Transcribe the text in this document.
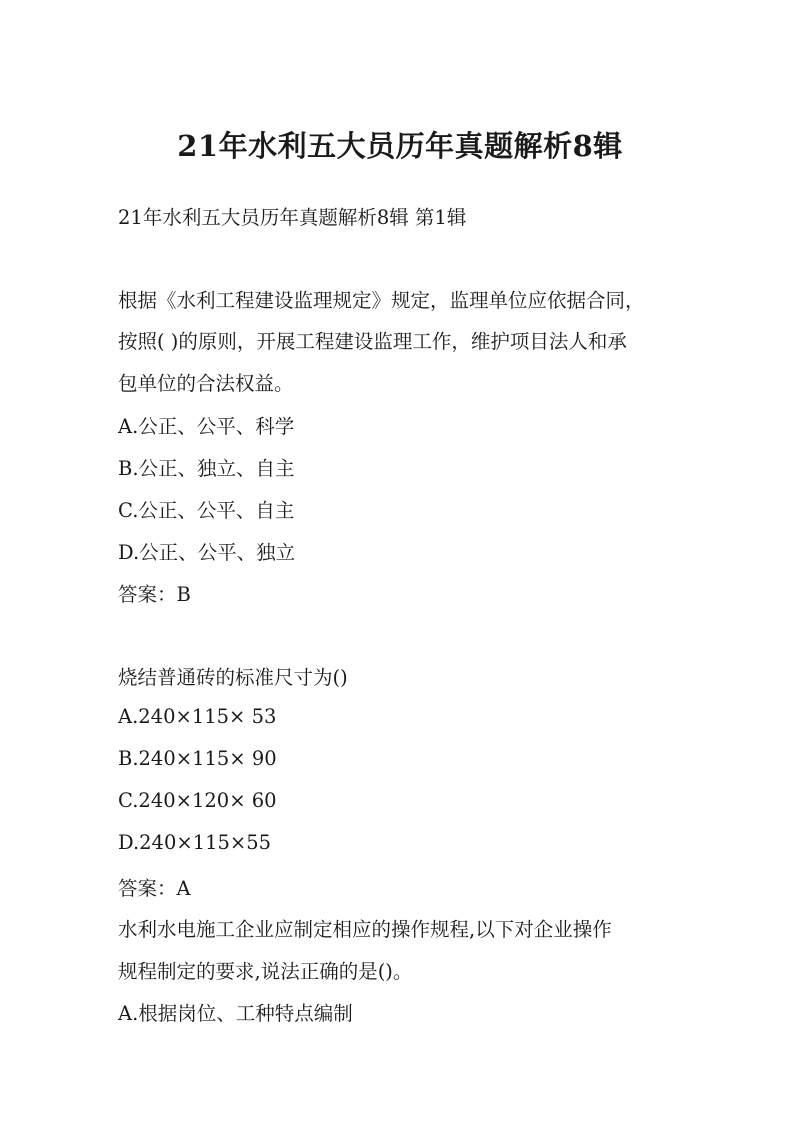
21年水利五大员历年真题解析8辑
21年水利五大员历年真题解析8辑 第1辑
根据《水利工程建设监理规定》规定，监理单位应依据合同，
按照( )的原则，开展工程建设监理工作，维护项目法人和承
包单位的合法权益。
A.公正、公平、科学
B.公正、独立、自主
C.公正、公平、自主
D.公正、公平、独立
答案：B
烧结普通砖的标准尺寸为()
A.240×115× 53
B.240×115× 90
C.240×120× 60
D.240×115×55
答案：A
水利水电施工企业应制定相应的操作规程,以下对企业操作
规程制定的要求,说法正确的是()。
A.根据岗位、工种特点编制
